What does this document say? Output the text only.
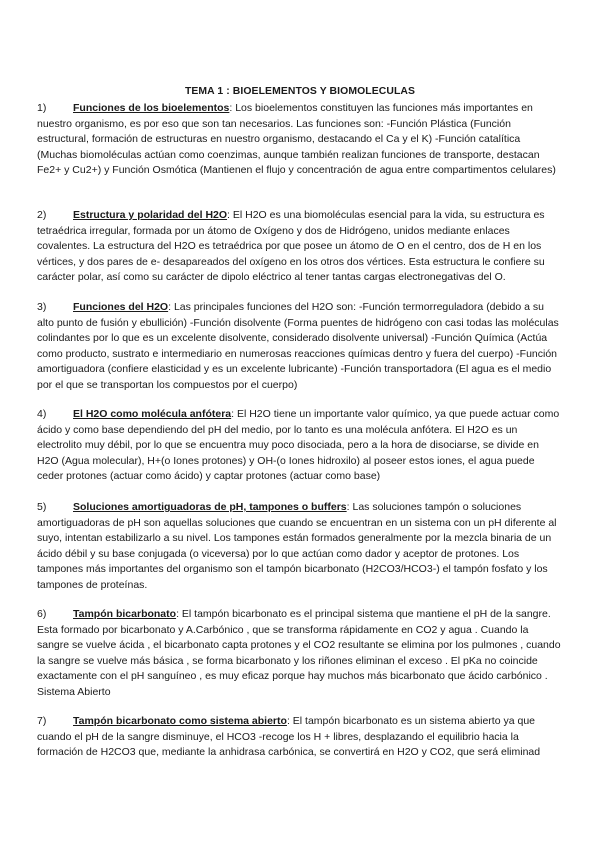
TEMA 1 : BIOELEMENTOS Y BIOMOLECULAS

1)	Funciones de los bioelementos: Los bioelementos constituyen las funciones más importantes en nuestro organismo, es por eso que son tan necesarios. Las funciones son: -Función Plástica (Función estructural, formación de estructuras en nuestro organismo, destacando el Ca y el K) -Función catalítica (Muchas biomoléculas actúan como coenzimas, aunque también realizan funciones de transporte, destacan Fe2+ y Cu2+) y Función Osmótica (Mantienen el flujo y concentración de agua entre compartimentos celulares)

2)	Estructura y polaridad del H2O: El H2O es una biomoléculas esencial para la vida, su estructura es tetraédrica irregular, formada por un átomo de Oxígeno y dos de Hidrógeno, unidos mediante enlaces covalentes. La estructura del H2O es tetraédrica por que posee un átomo de O en el centro, dos de H en los vértices, y dos pares de e- desapareados del oxígeno en los otros dos vértices. Esta estructura le confiere su carácter polar, así como su carácter de dipolo eléctrico al tener tantas cargas electronegativas del O.

3)	Funciones del H2O: Las principales funciones del H2O son: -Función termorreguladora (debido a su alto punto de fusión y ebullición) -Función disolvente (Forma puentes de hidrógeno con casi todas las moléculas colindantes por lo que es un excelente disolvente, considerado disolvente universal) -Función Química (Actúa como producto, sustrato e intermediario en numerosas reacciones químicas dentro y fuera del cuerpo) -Función amortiguadora (confiere elasticidad y es un excelente lubricante) -Función transportadora (El agua es el medio por el que se transportan los compuestos por el cuerpo)

4)	El H2O como molécula anfótera: El H2O tiene un importante valor químico, ya que puede actuar como ácido y como base dependiendo del pH del medio, por lo tanto es una molécula anfótera. El H2O es un electrolito muy débil, por lo que se encuentra muy poco disociada, pero a la hora de disociarse, se divide en H2O (Agua molecular), H+(o Iones protones) y OH-(o Iones hidroxilo) al poseer estos iones, el agua puede ceder protones (actuar como ácido) y captar protones (actuar como base)

5)	Soluciones amortiguadoras de pH, tampones o buffers: Las soluciones tampón o soluciones amortiguadoras de pH son aquellas soluciones que cuando se encuentran en un sistema con un pH diferente al suyo, intentan estabilizarlo a su nivel. Los tampones están formados generalmente por la mezcla binaria de un ácido débil y su base conjugada (o viceversa) por lo que actúan como dador y aceptor de protones. Los tampones más importantes del organismo son el tampón bicarbonato (H2CO3/HCO3-) el tampón fosfato y los tampones de proteínas.

6)	Tampón bicarbonato: El tampón bicarbonato es el principal sistema que mantiene el pH de la sangre. Esta formado por bicarbonato y A.Carbónico , que se transforma rápidamente en CO2 y agua . Cuando la sangre se vuelve ácida , el bicarbonato capta protones y el CO2 resultante se elimina por los pulmones , cuando la sangre se vuelve más básica , se forma bicarbonato y los riñones eliminan el exceso . El pKa no coincide exactamente con el pH sanguíneo , es muy eficaz porque hay muchos más bicarbonato que ácido carbónico . Sistema Abierto

7)	Tampón bicarbonato como sistema abierto: El tampón bicarbonato es un sistema abierto ya que cuando el pH de la sangre disminuye, el HCO3 -recoge los H + libres, desplazando el equilibrio hacia la formación de H2CO3 que, mediante la anhidrasa carbónica, se convertirá en H2O y CO2, que será eliminad
